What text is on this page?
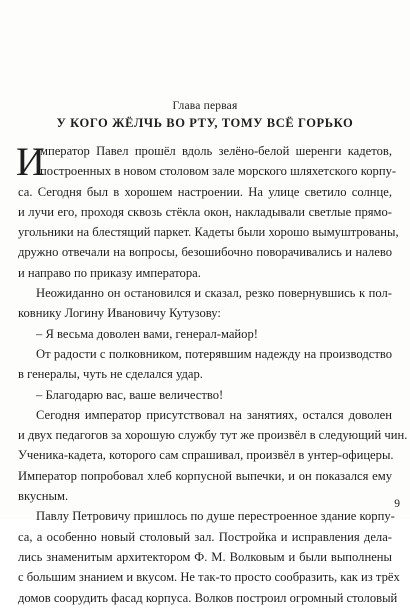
Глава первая
У КОГО ЖЁЛЧЬ ВО РТУ, ТОМУ ВСЁ ГОРЬКО
И
мператор Павел прошёл вдоль зелёно-белой шеренги кадетов,
построенных в новом столовом зале морского шляхетского корпу-
са. Сегодня был в хорошем настроении. На улице светило солнце,
и лучи его, проходя сквозь стёкла окон, накладывали светлые прямо-
угольники на блестящий паркет. Кадеты были хорошо вымуштрованы,
дружно отвечали на вопросы, безошибочно поворачивались и налево
и направо по приказу императора.
Неожиданно он остановился и сказал, резко повернувшись к пол-
ковнику Логину Ивановичу Кутузову:
– Я весьма доволен вами, генерал-майор!
От радости с полковником, потерявшим надежду на производство
в генералы, чуть не сделался удар.
– Благодарю вас, ваше величество!
Сегодня император присутствовал на занятиях, остался доволен
и двух педагогов за хорошую службу тут же произвёл в следующий чин.
Ученика-кадета, которого сам спрашивал, произвёл в унтер-офицеры.
Император попробовал хлеб корпусной выпечки, и он показался ему
вкусным.
Павлу Петровичу пришлось по душе перестроенное здание корпу-
са, а особенно новый столовый зал. Постройка и исправления дела-
лись знаменитым архитектором Ф. М. Волковым и были выполнены
с большим знанием и вкусом. Не так-то просто сообразить, как из трёх
домов соорудить фасад корпуса. Волков построил огромный столовый
9
